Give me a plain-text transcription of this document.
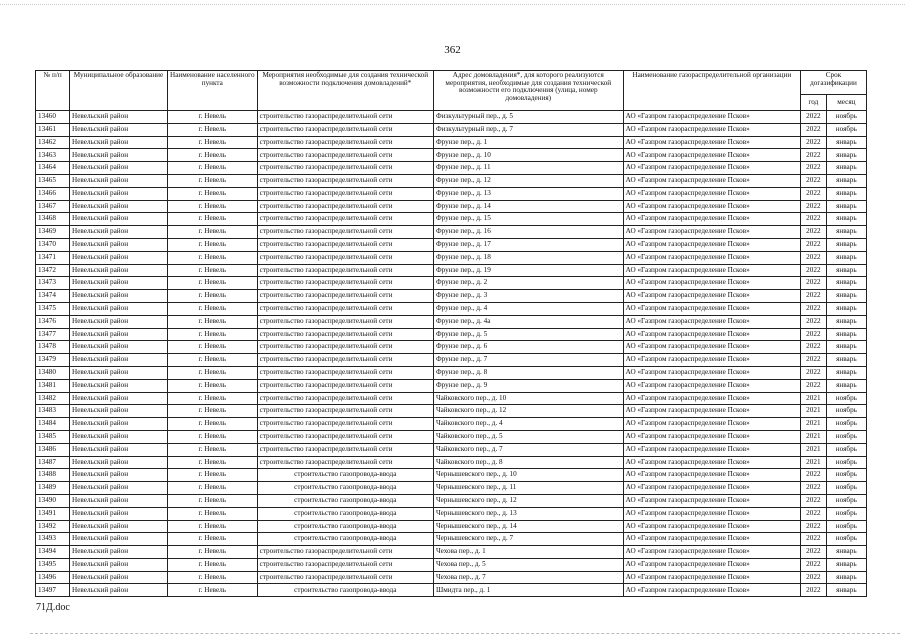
362
№ п/п	Муниципальное образование	Наименование населенного пункта	Мероприятия необходимые для создания технической возможности подключения домовладений*	Адрес домовладения*, для которого реализуются мероприятия, необходимые для создания технической возможности его подключения (улица, номер домовладения)	Наименование газораспределительной организации	Срок догазификации	
						год	месяц
13460	Невельский район	г. Невель	строительство газораспределительной сети	Физкультурный пер., д. 5	АО «Газпром газораспределение Псков»	2022	ноябрь
13461	Невельский район	г. Невель	строительство газораспределительной сети	Физкультурный пер., д. 7	АО «Газпром газораспределение Псков»	2022	ноябрь
13462	Невельский район	г. Невель	строительство газораспределительной сети	Фрунзе пер., д. 1	АО «Газпром газораспределение Псков»	2022	январь
13463	Невельский район	г. Невель	строительство газораспределительной сети	Фрунзе пер., д. 10	АО «Газпром газораспределение Псков»	2022	январь
13464	Невельский район	г. Невель	строительство газораспределительной сети	Фрунзе пер., д. 11	АО «Газпром газораспределение Псков»	2022	январь
13465	Невельский район	г. Невель	строительство газораспределительной сети	Фрунзе пер., д. 12	АО «Газпром газораспределение Псков»	2022	январь
13466	Невельский район	г. Невель	строительство газораспределительной сети	Фрунзе пер., д. 13	АО «Газпром газораспределение Псков»	2022	январь
13467	Невельский район	г. Невель	строительство газораспределительной сети	Фрунзе пер., д. 14	АО «Газпром газораспределение Псков»	2022	январь
13468	Невельский район	г. Невель	строительство газораспределительной сети	Фрунзе пер., д. 15	АО «Газпром газораспределение Псков»	2022	январь
13469	Невельский район	г. Невель	строительство газораспределительной сети	Фрунзе пер., д. 16	АО «Газпром газораспределение Псков»	2022	январь
13470	Невельский район	г. Невель	строительство газораспределительной сети	Фрунзе пер., д. 17	АО «Газпром газораспределение Псков»	2022	январь
13471	Невельский район	г. Невель	строительство газораспределительной сети	Фрунзе пер., д. 18	АО «Газпром газораспределение Псков»	2022	январь
13472	Невельский район	г. Невель	строительство газораспределительной сети	Фрунзе пер., д. 19	АО «Газпром газораспределение Псков»	2022	январь
13473	Невельский район	г. Невель	строительство газораспределительной сети	Фрунзе пер., д. 2	АО «Газпром газораспределение Псков»	2022	январь
13474	Невельский район	г. Невель	строительство газораспределительной сети	Фрунзе пер., д. 3	АО «Газпром газораспределение Псков»	2022	январь
13475	Невельский район	г. Невель	строительство газораспределительной сети	Фрунзе пер., д. 4	АО «Газпром газораспределение Псков»	2022	январь
13476	Невельский район	г. Невель	строительство газораспределительной сети	Фрунзе пер., д. 4а	АО «Газпром газораспределение Псков»	2022	январь
13477	Невельский район	г. Невель	строительство газораспределительной сети	Фрунзе пер., д. 5	АО «Газпром газораспределение Псков»	2022	январь
13478	Невельский район	г. Невель	строительство газораспределительной сети	Фрунзе пер., д. 6	АО «Газпром газораспределение Псков»	2022	январь
13479	Невельский район	г. Невель	строительство газораспределительной сети	Фрунзе пер., д. 7	АО «Газпром газораспределение Псков»	2022	январь
13480	Невельский район	г. Невель	строительство газораспределительной сети	Фрунзе пер., д. 8	АО «Газпром газораспределение Псков»	2022	январь
13481	Невельский район	г. Невель	строительство газораспределительной сети	Фрунзе пер., д. 9	АО «Газпром газораспределение Псков»	2022	январь
13482	Невельский район	г. Невель	строительство газораспределительной сети	Чайковского пер., д. 10	АО «Газпром газораспределение Псков»	2021	ноябрь
13483	Невельский район	г. Невель	строительство газораспределительной сети	Чайковского пер., д. 12	АО «Газпром газораспределение Псков»	2021	ноябрь
13484	Невельский район	г. Невель	строительство газораспределительной сети	Чайковского пер., д. 4	АО «Газпром газораспределение Псков»	2021	ноябрь
13485	Невельский район	г. Невель	строительство газораспределительной сети	Чайковского пер., д. 5	АО «Газпром газораспределение Псков»	2021	ноябрь
13486	Невельский район	г. Невель	строительство газораспределительной сети	Чайковского пер., д. 7	АО «Газпром газораспределение Псков»	2021	ноябрь
13487	Невельский район	г. Невель	строительство газораспределительной сети	Чайковского пер., д. 8	АО «Газпром газораспределение Псков»	2021	ноябрь
13488	Невельский район	г. Невель	строительство газопровода-ввода	Чернышевского пер., д. 10	АО «Газпром газораспределение Псков»	2022	ноябрь
13489	Невельский район	г. Невель	строительство газопровода-ввода	Чернышевского пер., д. 11	АО «Газпром газораспределение Псков»	2022	ноябрь
13490	Невельский район	г. Невель	строительство газопровода-ввода	Чернышевского пер., д. 12	АО «Газпром газораспределение Псков»	2022	ноябрь
13491	Невельский район	г. Невель	строительство газопровода-ввода	Чернышевского пер., д. 13	АО «Газпром газораспределение Псков»	2022	ноябрь
13492	Невельский район	г. Невель	строительство газопровода-ввода	Чернышевского пер., д. 14	АО «Газпром газораспределение Псков»	2022	ноябрь
13493	Невельский район	г. Невель	строительство газопровода-ввода	Чернышевского пер., д. 7	АО «Газпром газораспределение Псков»	2022	ноябрь
13494	Невельский район	г. Невель	строительство газораспределительной сети	Чехова пер., д. 1	АО «Газпром газораспределение Псков»	2022	январь
13495	Невельский район	г. Невель	строительство газораспределительной сети	Чехова пер., д. 5	АО «Газпром газораспределение Псков»	2022	январь
13496	Невельский район	г. Невель	строительство газораспределительной сети	Чехова пер., д. 7	АО «Газпром газораспределение Псков»	2022	январь
13497	Невельский район	г. Невель	строительство газопровода-ввода	Шмидта пер., д. 1	АО «Газпром газораспределение Псков»	2022	январь
71Д.doc
